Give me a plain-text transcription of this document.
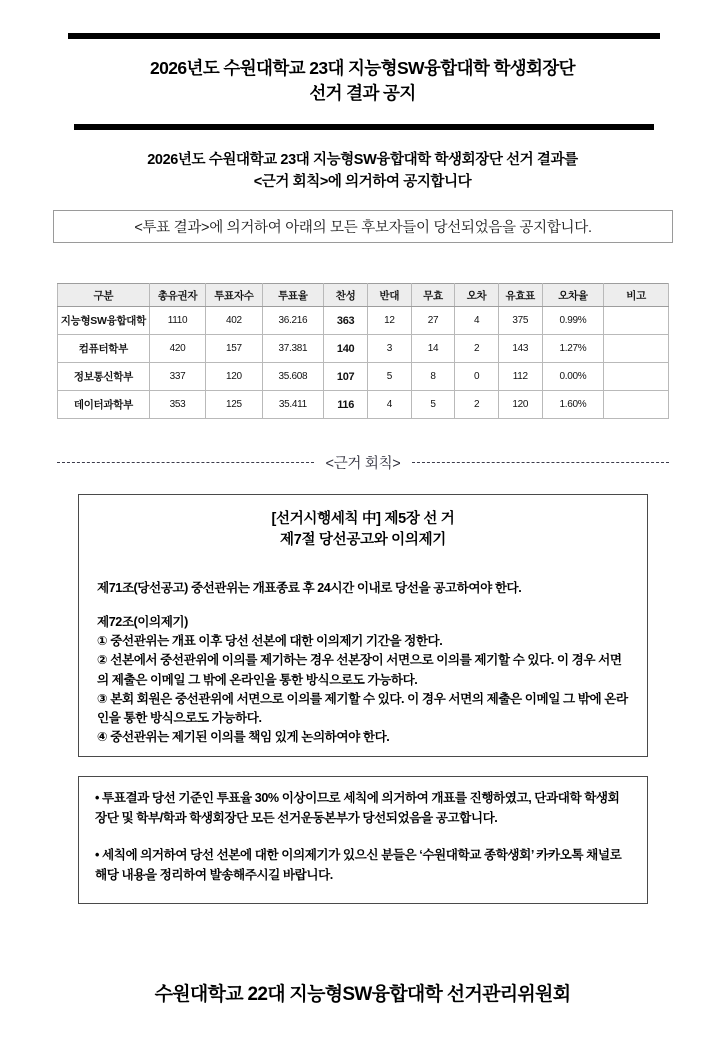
2026년도 수원대학교 23대 지능형SW융합대학 학생회장단
선거 결과 공지
2026년도 수원대학교 23대 지능형SW융합대학 학생회장단 선거 결과를
<근거 회칙>에 의거하여 공지합니다
<투표 결과>에 의거하여 아래의 모든 후보자들이 당선되었음을 공지합니다.
구분	총유권자	투표자수	투표율	찬성	반대	무효	오차	유효표	오차율	비고
지능형SW융합대학	1110	402	36.216	363	12	27	4	375	0.99%	
컴퓨터학부	420	157	37.381	140	3	14	2	143	1.27%	
정보통신학부	337	120	35.608	107	5	8	0	112	0.00%	
데이터과학부	353	125	35.411	116	4	5	2	120	1.60%	
<근거 회칙>
[선거시행세칙 中] 제5장 선 거
제7절 당선공고와 이의제기

제71조(당선공고) 중선관위는 개표종료 후 24시간 이내로 당선을 공고하여야 한다.

제72조(이의제기)

① 중선관위는 개표 이후 당선 선본에 대한 이의제기 기간을 정한다.

② 선본에서 중선관위에 이의를 제기하는 경우 선본장이 서면으로 이의를 제기할 수 있다. 이 경우 서면의 제출은 이메일 그 밖에 온라인을 통한 방식으로도 가능하다.

③ 본회 회원은 중선관위에 서면으로 이의를 제기할 수 있다. 이 경우 서면의 제출은 이메일 그 밖에 온라인을 통한 방식으로도 가능하다.

④ 중선관위는 제기된 이의를 책임 있게 논의하여야 한다.

• 투표결과 당선 기준인 투표율 30% 이상이므로 세칙에 의거하여 개표를 진행하였고, 단과대학 학생회장단 및 학부/학과 학생회장단 모든 선거운동본부가 당선되었음을 공고합니다.

• 세칙에 의거하여 당선 선본에 대한 이의제기가 있으신 분들은 ‘수원대학교 종학생회’ 카카오톡 채널로 해당 내용을 정리하여 발송해주시길 바랍니다.

수원대학교 22대 지능형SW융합대학 선거관리위원회
